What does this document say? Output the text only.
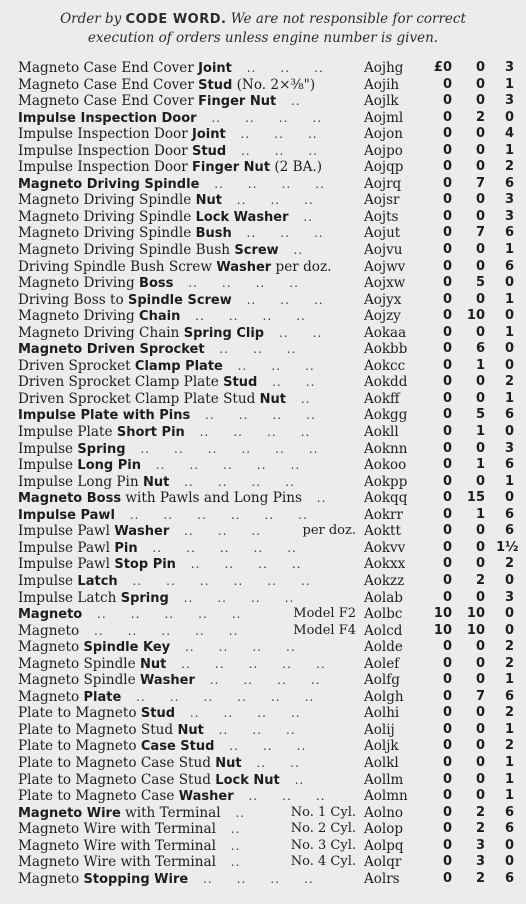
Order by CODE WORD. We are not responsible for correct execution of orders unless engine number is given.
Magneto Case End Cover Joint	Aojhg	£0	0	3
..     ..     ..
Magneto Case End Cover Stud (No. 2×⅜")	Aojih	0	0	1
Magneto Case End Cover Finger Nut	Aojlk	0	0	3
..
Impulse Inspection Door	Aojml	0	2	0
..     ..     ..     ..
Impulse Inspection Door Joint	Aojon	0	0	4
..     ..     ..
Impulse Inspection Door Stud	Aojpo	0	0	1
..     ..     ..
Impulse Inspection Door Finger Nut (2 BA.)	Aojqp	0	0	2
Magneto Driving Spindle	Aojrq	0	7	6
..     ..     ..     ..
Magneto Driving Spindle Nut	Aojsr	0	0	3
..     ..     ..
Magneto Driving Spindle Lock Washer	Aojts	0	0	3
..
Magneto Driving Spindle Bush	Aojut	0	7	6
..     ..     ..
Magneto Driving Spindle Bush Screw	Aojvu	0	0	1
..
Driving Spindle Bush Screw Washer per doz. Aojwv	0	0	6
Magneto Driving Boss	Aojxw	0	5	0
..     ..     ..     ..
Driving Boss to Spindle Screw	Aojyx	0	0	1
..     ..     ..
Magneto Driving Chain	Aojzy	0	10	0
..     ..     ..     ..
Magneto Driving Chain Spring Clip	Aokaa	0	0	1
..     ..
Magneto Driven Sprocket	Aokbb	0	6	0
..     ..     ..
Driven Sprocket Clamp Plate	Aokcc	0	1	0
..     ..     ..
Driven Sprocket Clamp Plate Stud	Aokdd	0	0	2
..     ..
Driven Sprocket Clamp Plate Stud Nut	Aokff	0	0	1
..
Impulse Plate with Pins	Aokgg	0	5	6
..     ..     ..     ..
Impulse Plate Short Pin	Aokll	0	1	0
..     ..     ..     ..
Impulse Spring	Aoknn	0	0	3
..     ..     ..     ..     ..     ..
Impulse Long Pin	Aokoo	0	1	6
..     ..     ..     ..     ..
Impulse Long Pin Nut	Aokpp	0	0	1
..     ..     ..     ..
Magneto Boss with Pawls and Long Pins	Aokqq	0	15	0
..
Impulse Pawl	Aokrr	0	1	6
..     ..     ..     ..     ..     ..
Impulse Pawl Washer	per doz. Aoktt	0	0	6
..     ..     ..
Impulse Pawl Pin	Aokvv	0	0 1½
..     ..     ..     ..     ..
Impulse Pawl Stop Pin	Aokxx	0	0	2
..     ..     ..     ..
Impulse Latch	Aokzz	0	2	0
..     ..     ..     ..     ..     ..
Impulse Latch Spring	Aolab	0	0	3
..     ..     ..     ..
Magneto	Model F2 Aolbc	10	10	0
..     ..     ..     ..     ..
Magneto	Model F4 Aolcd	10	10	0
..     ..     ..     ..     ..
Magneto Spindle Key	Aolde	0	0	2
..     ..     ..     ..
Magneto Spindle Nut	Aolef	0	0	2
..     ..     ..     ..     ..
Magneto Spindle Washer	Aolfg	0	0	1
..     ..     ..     ..
Magneto Plate	Aolgh	0	7	6
..     ..     ..     ..     ..     ..
Plate to Magneto Stud	Aolhi	0	0	2
..     ..     ..     ..
Plate to Magneto Stud Nut	Aolij	0	0	1
..     ..     ..
Plate to Magneto Case Stud	Aoljk	0	0	2
..     ..     ..
Plate to Magneto Case Stud Nut	Aolkl	0	0	1
..     ..
Plate to Magneto Case Stud Lock Nut	Aollm	0	0	1
..
Plate to Magneto Case Washer	Aolmn	0	0	1
..     ..     ..
Magneto Wire with Terminal	No. 1 Cyl. Aolno	0	2	6
..
Magneto Wire with Terminal	No. 2 Cyl. Aolop	0	2	6
..
Magneto Wire with Terminal	No. 3 Cyl. Aolpq	0	3	0
..
Magneto Wire with Terminal	No. 4 Cyl. Aolqr	0	3	0
..
Magneto Stopping Wire	Aolrs	0	2	6
..     ..     ..     ..
